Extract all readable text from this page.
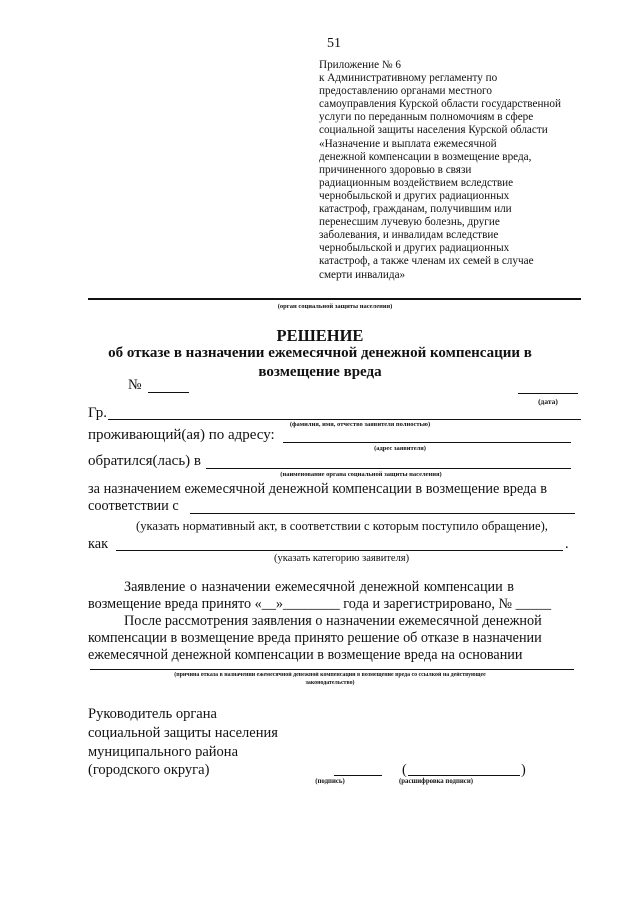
51
Приложение № 6
к Административному регламенту по
предоставлению органами местного
самоуправления Курской области государственной
услуги по переданным полномочиям в сфере
социальной защиты населения Курской области
«Назначение и выплата ежемесячной
денежной компенсации в возмещение вреда,
причиненного здоровью в связи
радиационным воздействием вследствие
чернобыльской и других радиационных
катастроф, гражданам, получившим или
перенесшим лучевую болезнь, другие
заболевания, и инвалидам вследствие
чернобыльской и других радиационных
катастроф, а также членам их семей в случае
смерти инвалида»
(орган социальной защиты населения)
РЕШЕНИЕ
об отказе в назначении ежемесячной денежной компенсации в
возмещение вреда
№
(дата)
Гр.
(фамилия, имя, отчество заявителя полностью)
проживающий(ая) по адресу:
(адрес заявителя)
обратился(лась) в
(наименование органа социальной защиты населения)
за назначением ежемесячной денежной компенсации в возмещение вреда в
соответствии с
(указать нормативный акт, в соответствии с которым поступило обращение),
как	.
(указать категорию заявителя)
Заявление о назначении ежемесячной денежной компенсации в
возмещение вреда принято «__»________ года и зарегистрировано, № _____
После рассмотрения заявления о назначении ежемесячной денежной
компенсации в возмещение вреда принято решение об отказе в назначении
ежемесячной денежной компенсации в возмещение вреда на основании
(причина отказа в назначении ежемесячной денежной компенсации в возмещение вреда со ссылкой на действующее
законодательство)
Руководитель органа
социальной защиты населения
муниципального района
(городского округа)
(подпись)
(	)
(расшифровка подписи)
